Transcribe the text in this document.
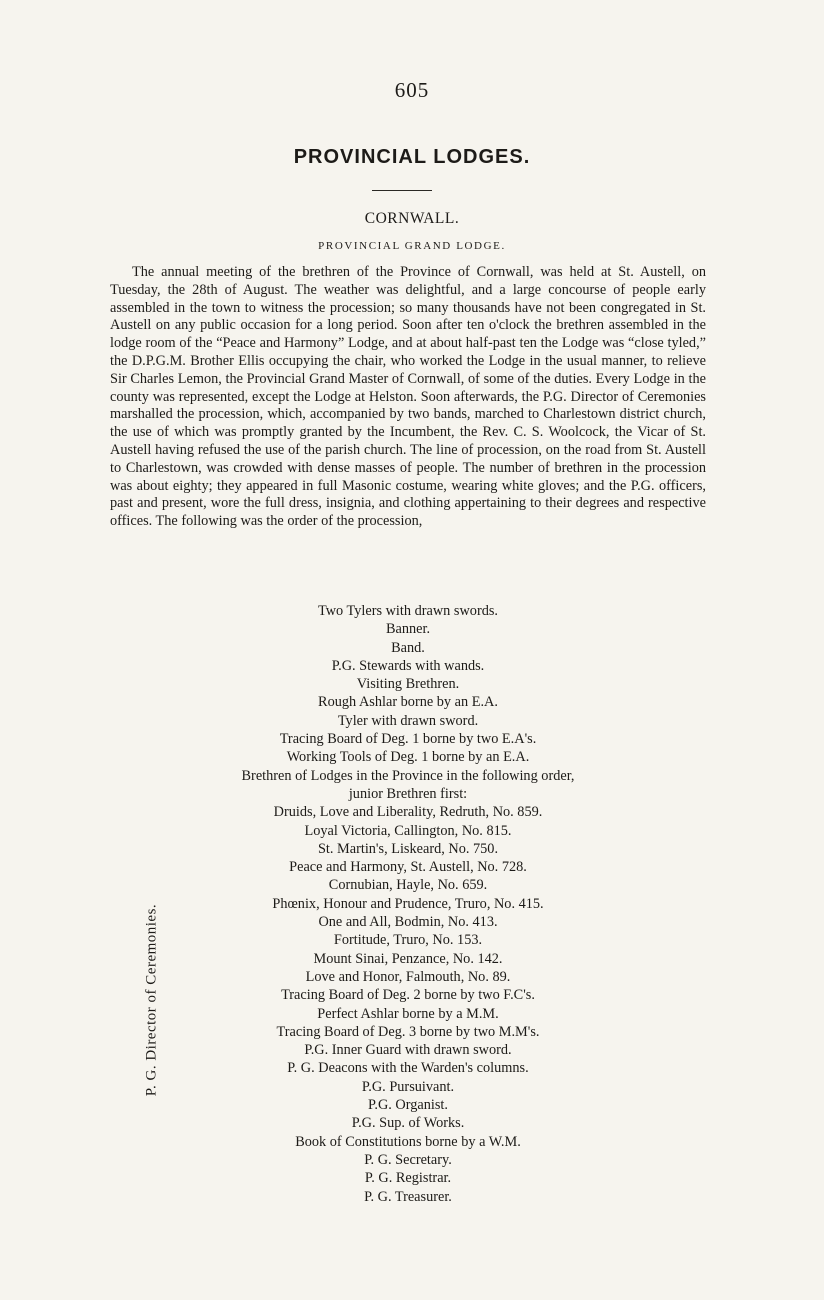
605
PROVINCIAL LODGES.
CORNWALL.
PROVINCIAL GRAND LODGE.

The annual meeting of the brethren of the Province of Cornwall, was held at St. Austell, on Tuesday, the 28th of August. The weather was delightful, and a large concourse of people early assembled in the town to witness the procession; so many thousands have not been congregated in St. Austell on any public occasion for a long period. Soon after ten o'clock the brethren assembled in the lodge room of the “Peace and Harmony” Lodge, and at about half-past ten the Lodge was “close tyled,” the D.P.G.M. Brother Ellis occupying the chair, who worked the Lodge in the usual manner, to relieve Sir Charles Lemon, the Provincial Grand Master of Cornwall, of some of the duties. Every Lodge in the county was represented, except the Lodge at Helston. Soon afterwards, the P.G. Director of Ceremonies marshalled the procession, which, accompanied by two bands, marched to Charlestown district church, the use of which was promptly granted by the Incumbent, the Rev. C. S. Woolcock, the Vicar of St. Austell having refused the use of the parish church. The line of procession, on the road from St. Austell to Charlestown, was crowded with dense masses of people. The number of brethren in the procession was about eighty; they appeared in full Masonic costume, wearing white gloves; and the P.G. officers, past and present, wore the full dress, insignia, and clothing appertaining to their degrees and respective offices. The following was the order of the procession,

Two Tylers with drawn swords.
Banner.
Band.
P.G. Stewards with wands.
Visiting Brethren.
Rough Ashlar borne by an E.A.
Tyler with drawn sword.
Tracing Board of Deg. 1 borne by two E.A's.
Working Tools of Deg. 1 borne by an E.A.
Brethren of Lodges in the Province in the following order,
junior Brethren first:
Druids, Love and Liberality, Redruth, No. 859.
Loyal Victoria, Callington, No. 815.
St. Martin's, Liskeard, No. 750.
Peace and Harmony, St. Austell, No. 728.
Cornubian, Hayle, No. 659.
Phœnix, Honour and Prudence, Truro, No. 415.
One and All, Bodmin, No. 413.
Fortitude, Truro, No. 153.
Mount Sinai, Penzance, No. 142.
Love and Honor, Falmouth, No. 89.
Tracing Board of Deg. 2 borne by two F.C's.
Perfect Ashlar borne by a M.M.
Tracing Board of Deg. 3 borne by two M.M's.
P.G. Inner Guard with drawn sword.
P. G. Deacons with the Warden's columns.
P.G. Pursuivant.
P.G. Organist.
P.G. Sup. of Works.
Book of Constitutions borne by a W.M.
P. G. Secretary.
P. G. Registrar.
P. G. Treasurer.
P. G. Director of Ceremonies.
